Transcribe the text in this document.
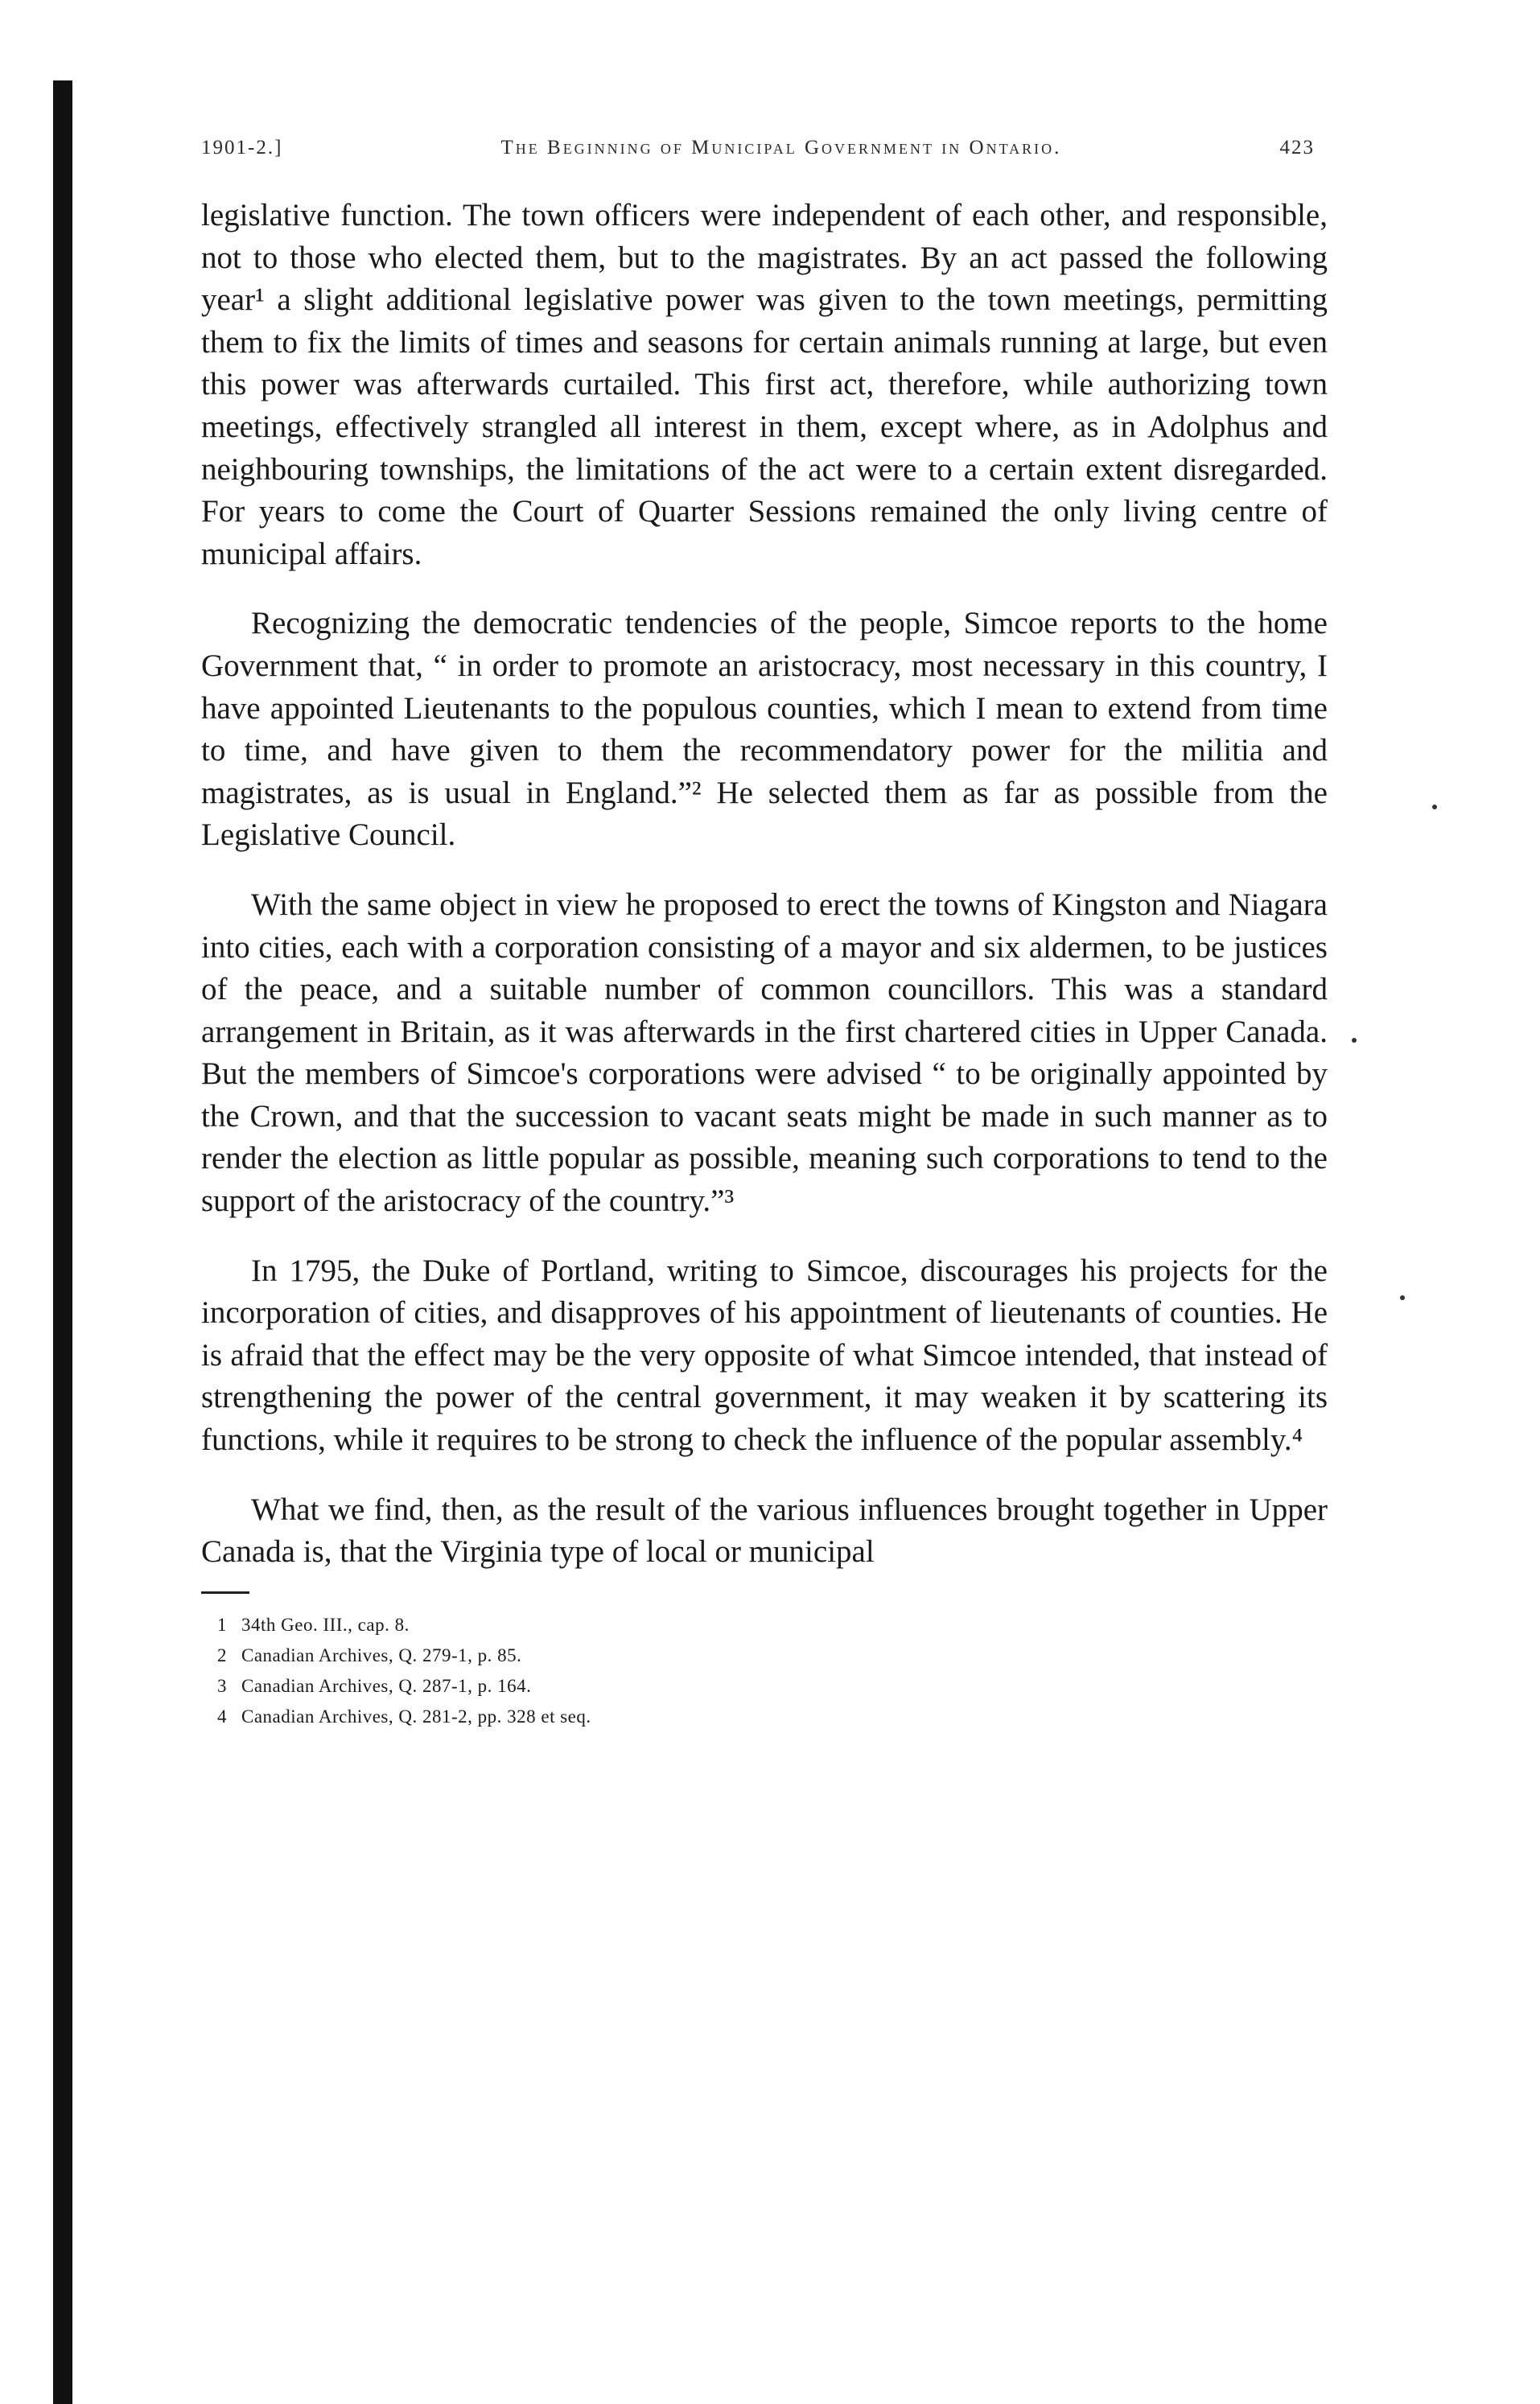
1901-2.]	The Beginning of Municipal Government in Ontario.	423

legislative function. The town officers were independent of each other, and responsible, not to those who elected them, but to the magistrates. By an act passed the following year¹ a slight additional legislative power was given to the town meetings, permitting them to fix the limits of times and seasons for certain animals running at large, but even this power was afterwards curtailed. This first act, therefore, while authorizing town meetings, effectively strangled all interest in them, except where, as in Adolphus and neighbouring townships, the limitations of the act were to a certain extent disregarded. For years to come the Court of Quarter Sessions remained the only living centre of municipal affairs.

Recognizing the democratic tendencies of the people, Simcoe reports to the home Government that, “ in order to promote an aristocracy, most necessary in this country, I have appointed Lieutenants to the populous counties, which I mean to extend from time to time, and have given to them the recommendatory power for the militia and magistrates, as is usual in England.”² He selected them as far as possible from the Legislative Council.

With the same object in view he proposed to erect the towns of Kingston and Niagara into cities, each with a corporation consisting of a mayor and six aldermen, to be justices of the peace, and a suitable number of common councillors. This was a standard arrangement in Britain, as it was afterwards in the first chartered cities in Upper Canada. But the members of Simcoe's corporations were advised “ to be originally appointed by the Crown, and that the succession to vacant seats might be made in such manner as to render the election as little popular as possible, meaning such corporations to tend to the support of the aristocracy of the country.”³

In 1795, the Duke of Portland, writing to Simcoe, discourages his projects for the incorporation of cities, and disapproves of his appointment of lieutenants of counties. He is afraid that the effect may be the very opposite of what Simcoe intended, that instead of strengthening the power of the central government, it may weaken it by scattering its functions, while it requires to be strong to check the influence of the popular assembly.⁴

What we find, then, as the result of the various influences brought together in Upper Canada is, that the Virginia type of local or municipal

1 34th Geo. III., cap. 8.
2 Canadian Archives, Q. 279-1, p. 85.
3 Canadian Archives, Q. 287-1, p. 164.
4 Canadian Archives, Q. 281-2, pp. 328 et seq.
